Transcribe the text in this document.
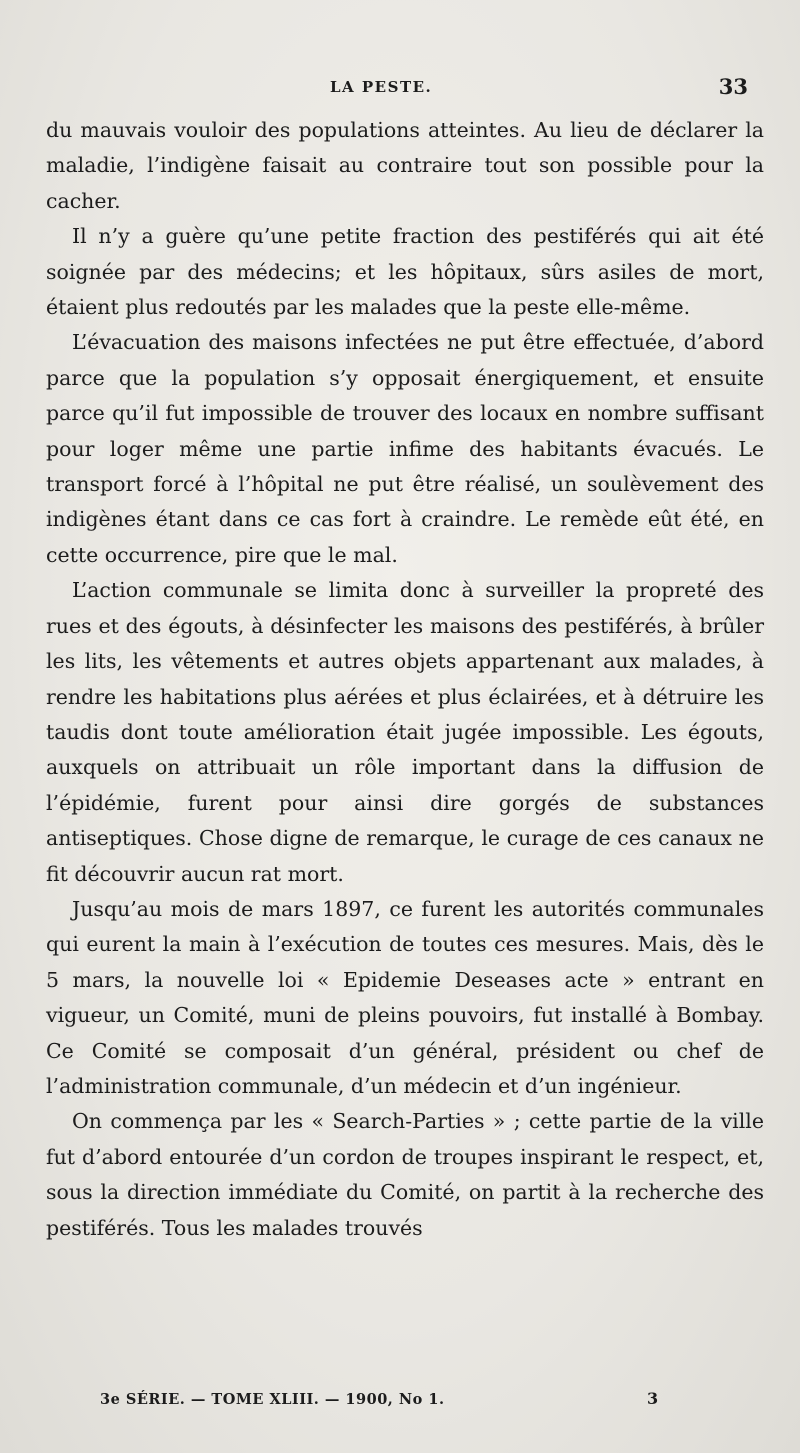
LA PESTE.	33

du mauvais vouloir des populations atteintes. Au lieu de déclarer la maladie, l’indigène faisait au contraire tout son possible pour la cacher.

Il n’y a guère qu’une petite fraction des pestiférés qui ait été soignée par des médecins; et les hôpitaux, sûrs asiles de mort, étaient plus redoutés par les malades que la peste elle-même.

L’évacuation des maisons infectées ne put être effectuée, d’abord parce que la population s’y opposait énergiquement, et ensuite parce qu’il fut impossible de trouver des locaux en nombre suffisant pour loger même une partie infime des habitants évacués. Le transport forcé à l’hôpital ne put être réalisé, un soulèvement des indigènes étant dans ce cas fort à craindre. Le remède eût été, en cette occurrence, pire que le mal.

L’action communale se limita donc à surveiller la propreté des rues et des égouts, à désinfecter les maisons des pestiférés, à brûler les lits, les vêtements et autres objets appartenant aux malades, à rendre les habitations plus aérées et plus éclairées, et à détruire les taudis dont toute amélioration était jugée impossible. Les égouts, auxquels on attribuait un rôle important dans la diffusion de l’épidémie, furent pour ainsi dire gorgés de substances antiseptiques. Chose digne de remarque, le curage de ces canaux ne fit découvrir aucun rat mort.

Jusqu’au mois de mars 1897, ce furent les autorités communales qui eurent la main à l’exécution de toutes ces mesures. Mais, dès le 5 mars, la nouvelle loi « Epidemie Deseases acte » entrant en vigueur, un Comité, muni de pleins pouvoirs, fut installé à Bombay. Ce Comité se composait d’un général, président ou chef de l’administration communale, d’un médecin et d’un ingénieur.

On commença par les « Search-Parties » ; cette partie de la ville fut d’abord entourée d’un cordon de troupes inspirant le respect, et, sous la direction immédiate du Comité, on partit à la recherche des pestiférés. Tous les malades trouvés

3e SÉRIE. — TOME XLIII. — 1900, No 1.	3
